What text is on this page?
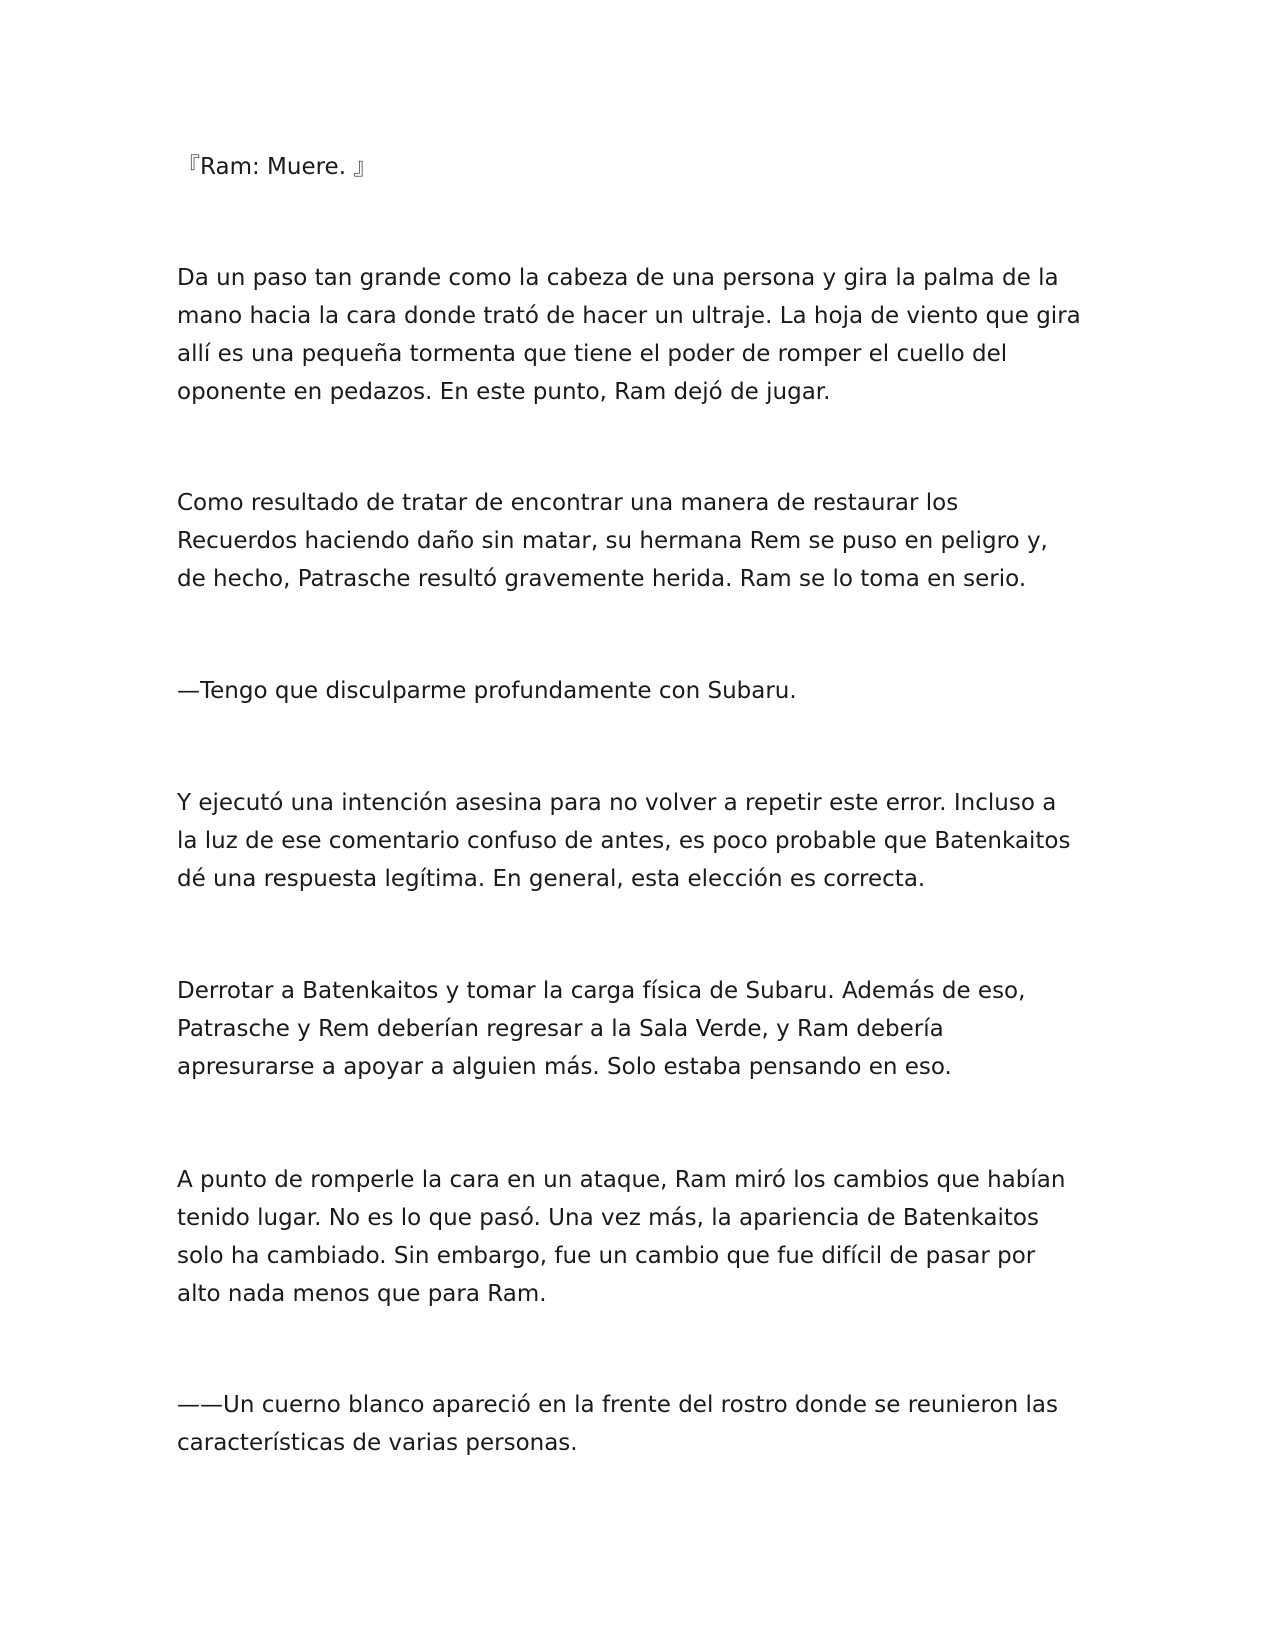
『Ram: Muere. 』

Da un paso tan grande como la cabeza de una persona y gira la palma de la
mano hacia la cara donde trató de hacer un ultraje. La hoja de viento que gira
allí es una pequeña tormenta que tiene el poder de romper el cuello del
oponente en pedazos. En este punto, Ram dejó de jugar.

Como resultado de tratar de encontrar una manera de restaurar los
Recuerdos haciendo daño sin matar, su hermana Rem se puso en peligro y,
de hecho, Patrasche resultó gravemente herida. Ram se lo toma en serio.

—Tengo que disculparme profundamente con Subaru.

Y ejecutó una intención asesina para no volver a repetir este error. Incluso a
la luz de ese comentario confuso de antes, es poco probable que Batenkaitos
dé una respuesta legítima. En general, esta elección es correcta.

Derrotar a Batenkaitos y tomar la carga física de Subaru. Además de eso,
Patrasche y Rem deberían regresar a la Sala Verde, y Ram debería
apresurarse a apoyar a alguien más. Solo estaba pensando en eso.

A punto de romperle la cara en un ataque, Ram miró los cambios que habían
tenido lugar. No es lo que pasó. Una vez más, la apariencia de Batenkaitos
solo ha cambiado. Sin embargo, fue un cambio que fue difícil de pasar por
alto nada menos que para Ram.

——Un cuerno blanco apareció en la frente del rostro donde se reunieron las
características de varias personas.
